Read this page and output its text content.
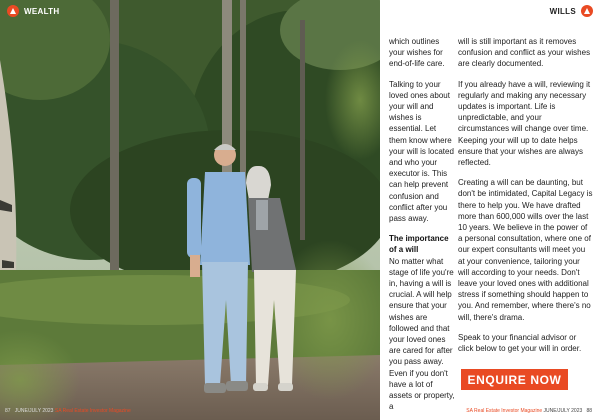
WEALTH	WILLS

which outlines your wishes for end-of-life care.

Talking to your loved ones about your will and wishes is essential. Let them know where your will is located and who your executor is. This can help prevent confusion and conflict after you pass away.

The importance of a will

No matter what stage of life you're in, having a will is crucial. A will help ensure that your wishes are followed and that your loved ones are cared for after you pass away. Even if you don't have a lot of assets or property, a

will is still important as it removes confusion and conflict as your wishes are clearly documented.

If you already have a will, reviewing it regularly and making any necessary updates is important. Life is unpredictable, and your circumstances will change over time. Keeping your will up to date helps ensure that your wishes are always reflected.

Creating a will can be daunting, but don't be intimidated, Capital Legacy is there to help you. We have drafted more than 600,000 wills over the last 10 years. We believe in the power of a personal consultation, where one of our expert consultants will meet you at your convenience, tailoring your will according to your needs. Don't leave your loved ones with additional stress if something should happen to you. And remember, where there's no will, there's drama.

Speak to your financial advisor or click below to get your will in order.

ENQUIRE NOW
87 JUNE/JULY 2023 SA Real Estate Investor Magazine	SA Real Estate Investor Magazine JUNE/JULY 2023 88
